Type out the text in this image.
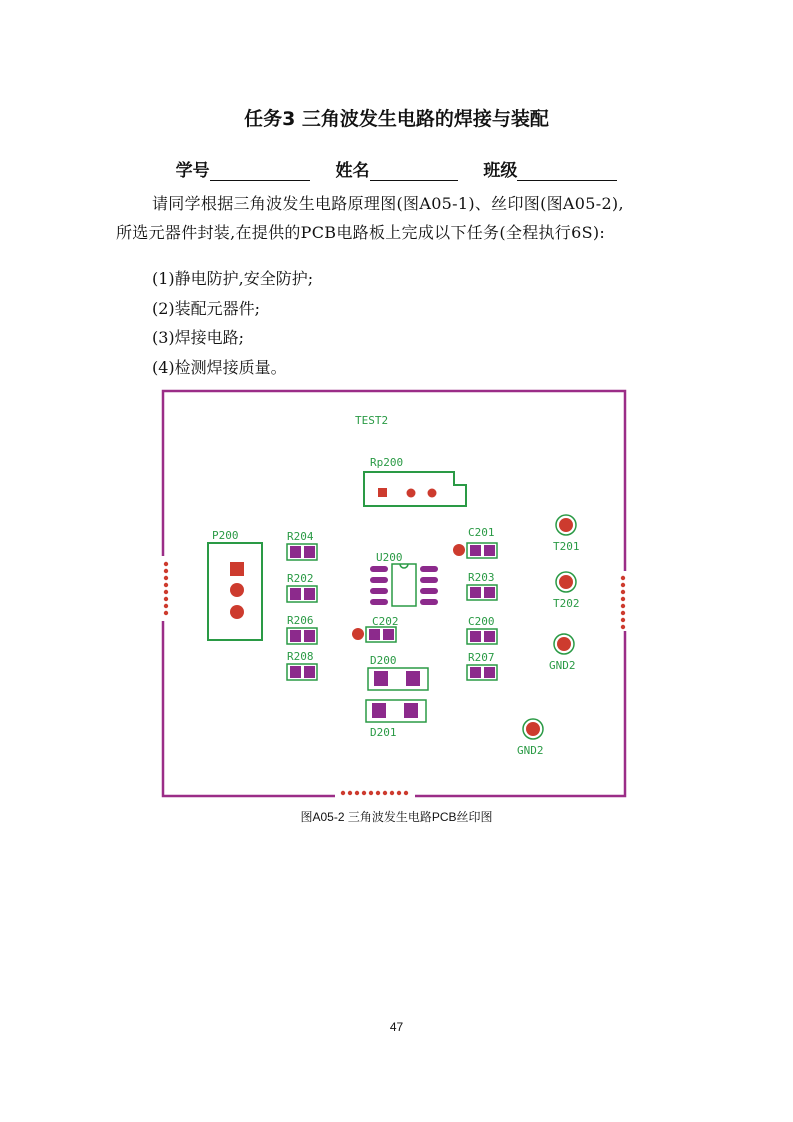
任务3 三角波发生电路的焊接与装配
学号	姓名	班级

请同学根据三角波发生电路原理图(图A05-1)、丝印图(图A05-2),

所选元器件封装,在提供的PCB电路板上完成以下任务(全程执行6S):

(1)静电防护,安全防护;
(2)装配元器件;
(3)焊接电路;
(4)检测焊接质量。
TEST2
Rp200
P200	R204
R202
R206
R208
U200
C202
D200
D201
C201
R203
C200
R207
T201
T202
GND2
GND2
图A05-2 三角波发生电路PCB丝印图
47
